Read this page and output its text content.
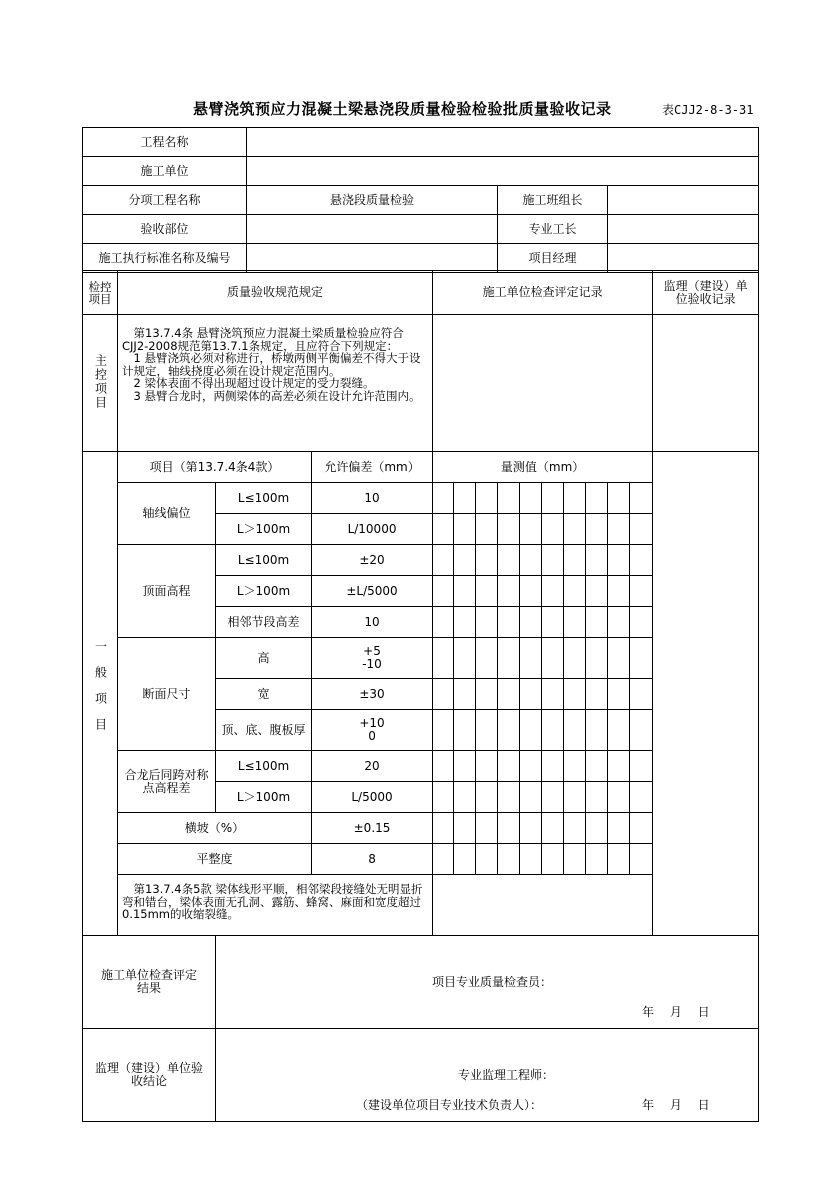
悬臂浇筑预应力混凝土梁悬浇段质量检验检验批质量验收记录	表CJJ2-8-3-31
工程名称			
施工单位			
分项工程名称	悬浇段质量检验	施工班组长	
验收部位		专业工长	
施工执行标准名称及编号		项目经理	
检控项目	质量验收规范规定			施工单位检查评定记录										监理（建设）单位验收记录
主控项目	　第13.7.4条 悬臂浇筑预应力混凝土梁质量检验应符合CJJ2-2008规范第13.7.1条规定，且应符合下列规定：
　1 悬臂浇筑必须对称进行，桥墩两侧平衡偏差不得大于设计规定，轴线挠度必须在设计规定范围内。
　2 梁体表面不得出现超过设计规定的受力裂缝。
　3 悬臂合龙时，两侧梁体的高差必须在设计允许范围内。													
一般项目	项目（第13.7.4条4款）		允许偏差（mm）	量测值（mm）										
	轴线偏位	L≤100m	10											
		L＞100m	L/10000											
	顶面高程	L≤100m	±20											
		L＞100m	±L/5000											
		相邻节段高差	10											
	断面尺寸	高	+5
-10											
		宽	±30											
		顶、底、腹板厚	+10
0											
	合龙后同跨对称点高程差	L≤100m	20											
		L＞100m	L/5000											
	横坡（%）		±0.15											
	平整度		8											
	　第13.7.4条5款 梁体线形平顺，相邻梁段接缝处无明显折弯和错台，梁体表面无孔洞、露筋、蜂窝、麻面和宽度超过0.15mm的收缩裂缝。													
施工单位检查评定结果	项目专业质量检查员：
年　 月　 日

监理（建设）单位验收结论	专业监理工程师：
（建设单位项目专业技术负责人）： 年　 月　 日
